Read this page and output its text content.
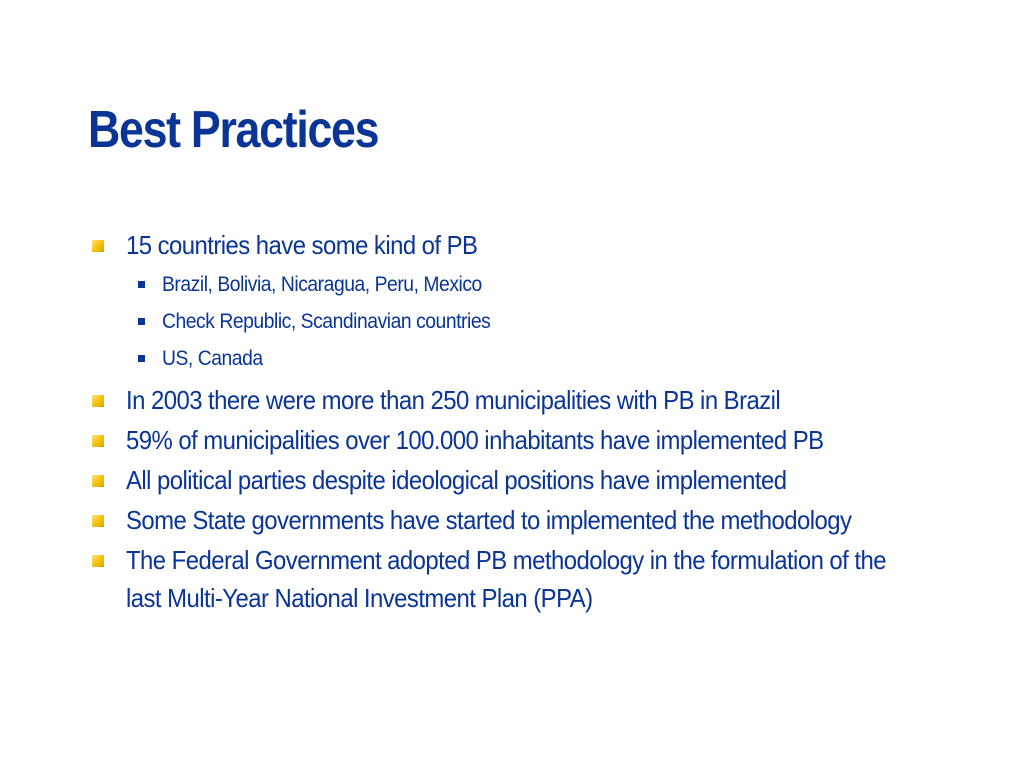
Best Practices
15 countries have some kind of PB
Brazil, Bolivia, Nicaragua, Peru, Mexico
Check Republic, Scandinavian countries
US, Canada
In 2003 there were more than 250 municipalities with PB in Brazil
59% of municipalities over 100.000 inhabitants have implemented PB
All political parties despite ideological positions have implemented
Some State governments have started to implemented the methodology
The Federal Government adopted PB methodology in the formulation of the last Multi-Year National Investment Plan (PPA)
